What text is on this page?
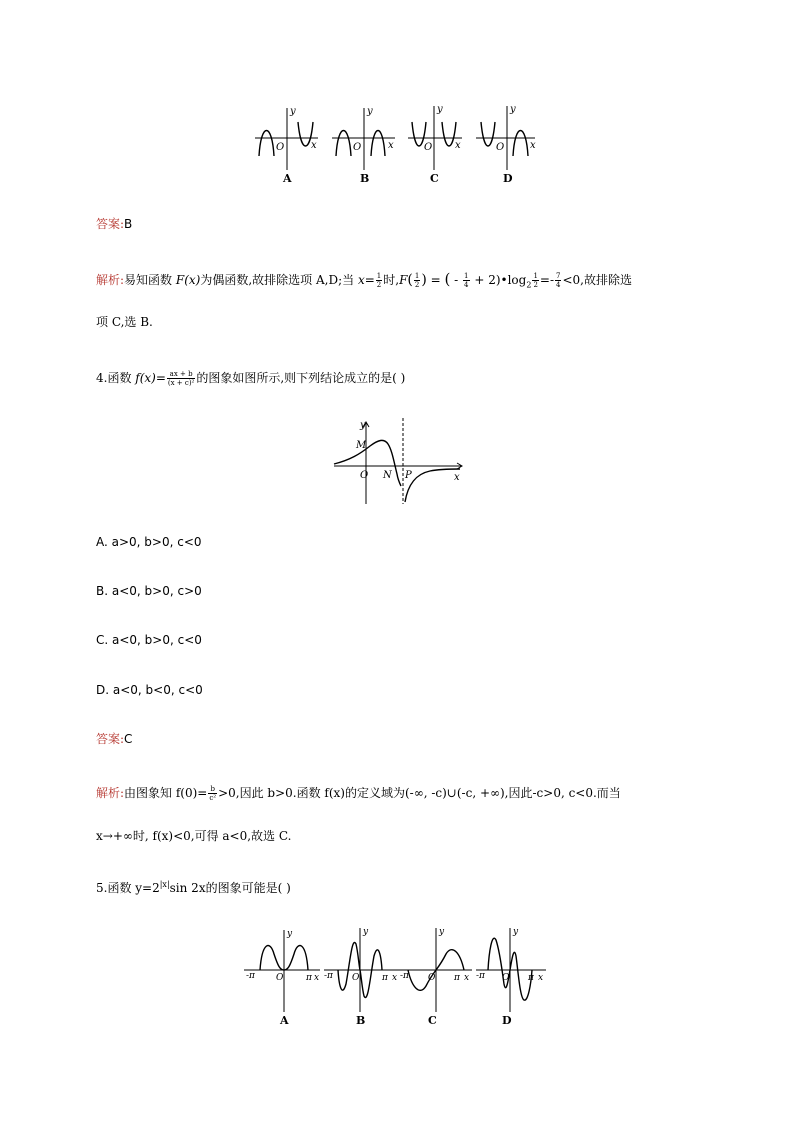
y
O	x
y
O	x
y
O x
y
O	x
A	B	C	D
答案:B
解析:易知函数 F(x)为偶函数,故排除选项 A,D;当 $x= \frac{1}{2}$ 时$,F( \frac{1}{2}$ ) = ( - $\frac{1}{4}$ + $2)•\log_2 \frac{1}{2} =- \frac{7}{4} <0$,故排除选
项 C,选 B.
4.函数 $f(x)= \frac{ax + b}{\text{(x + c)²}}$ 的图象如图所示,则下列结论成立的是( )
y
M
O N P	x
A. a>0, b>0, c<0
B. a<0, b>0, c>0
C. a<0, b>0, c<0
D. a<0, b<0, c<0
答案:C
解析:由图象知 $f(0)= \frac{b}{\text{c²}} >0$,因此 b>0.函数 f(x)的定义域为(-∞, -c)∪(-c, +∞),因此-c>0, c<0.而当
x→+∞时, f(x)<0,可得 a<0,故选 C.
5.函数 $y=2^{|x|}\sin$ 2x的图象可能是( )
y
O
-π	π x
y
O
-π	π x
y
O
-π	π x
y
O
-π	π x
A	B	C	D
